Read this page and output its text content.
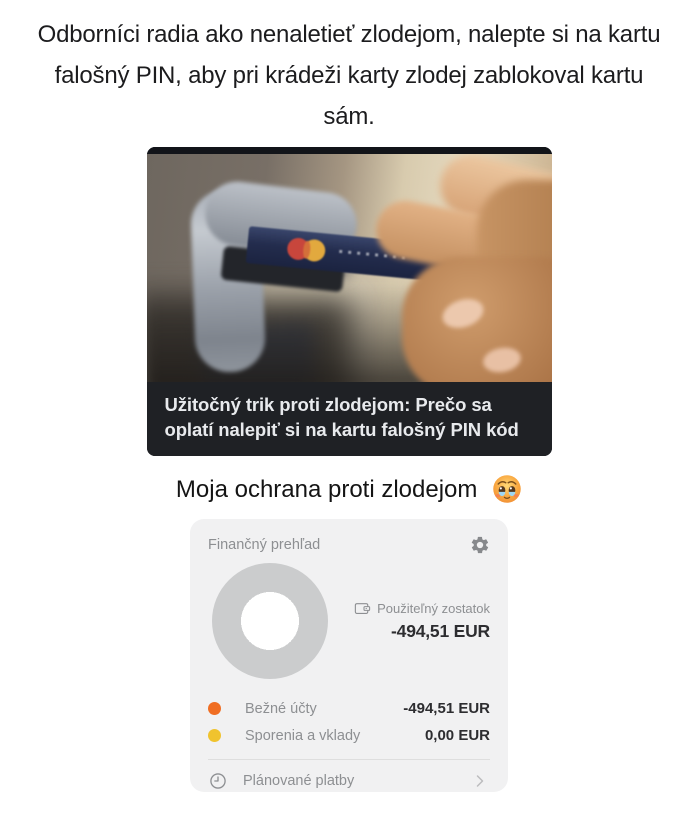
Odborníci radia ako nenaletieť zlodejom, nalepte si na kartu falošný PIN, aby pri krádeži karty zlodej zablokoval kartu sám.
Užitočný trik proti zlodejom: Prečo sa oplatí nalepiť si na kartu falošný PIN kód
Moja ochrana proti zlodejom
Finančný prehľad
Použiteľný zostatok
-494,51 EUR
Bežné účty	-494,51 EUR
Sporenia a vklady	0,00 EUR
Plánované platby
